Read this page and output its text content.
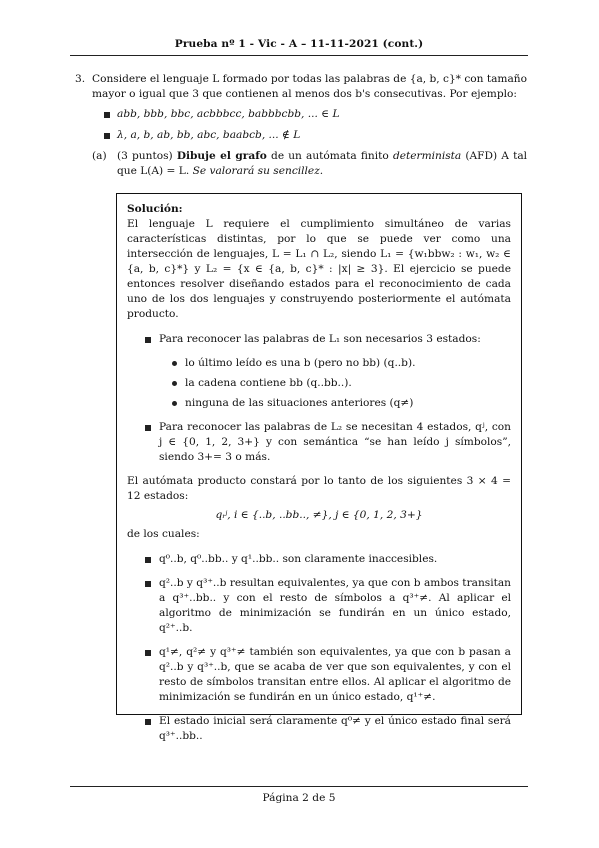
Prueba nº 1 - Vic - A – 11-11-2021 (cont.)
3. Considere el lenguaje L formado por todas las palabras de {a, b, c}* con tamaño mayor o igual que 3 que contienen al menos dos b's consecutivas. Por ejemplo:
abb, bbb, bbc, acbbbcc, babbbcbb, ... ∈ L
λ, a, b, ab, bb, abc, baabcb, ... ∉ L
(a) (3 puntos) Dibuje el grafo de un autómata finito determinista (AFD) A tal que L(A) = L. Se valorará su sencillez.
Solución:
El lenguaje L requiere el cumplimiento simultáneo de varias características distintas, por lo que se puede ver como una intersección de lenguajes, L = L₁ ∩ L₂, siendo L₁ = {w₁bbw₂ : w₁, w₂ ∈ {a, b, c}*} y L₂ = {x ∈ {a, b, c}* : |x| ≥ 3}. El ejercicio se puede entonces resolver diseñando estados para el reconocimiento de cada uno de los dos lenguajes y construyendo posteriormente el autómata producto.
Para reconocer las palabras de L₁ son necesarios 3 estados:
lo último leído es una b (pero no bb) (q..b).
la cadena contiene bb (q..bb..).
ninguna de las situaciones anteriores (q≠)
Para reconocer las palabras de L₂ se necesitan 4 estados, qʲ, con j ∈ {0, 1, 2, 3+} y con semántica “se han leído j símbolos”, siendo 3+= 3 o más.
El autómata producto constará por lo tanto de los siguientes 3 × 4 = 12 estados:
qᵢʲ, i ∈ {..b, ..bb.., ≠}, j ∈ {0, 1, 2, 3+}
de los cuales:
q⁰..b, q⁰..bb.. y q¹..bb.. son claramente inaccesibles.
q²..b y q³⁺..b resultan equivalentes, ya que con b ambos transitan a q³⁺..bb.. y con el resto de símbolos a q³⁺≠. Al aplicar el algoritmo de minimización se fundirán en un único estado, q²⁺..b.
q¹≠, q²≠ y q³⁺≠ también son equivalentes, ya que con b pasan a q²..b y q³⁺..b, que se acaba de ver que son equivalentes, y con el resto de símbolos transitan entre ellos. Al aplicar el algoritmo de minimización se fundirán en un único estado, q¹⁺≠.
El estado inicial será claramente q⁰≠ y el único estado final será q³⁺..bb..
Página 2 de 5
